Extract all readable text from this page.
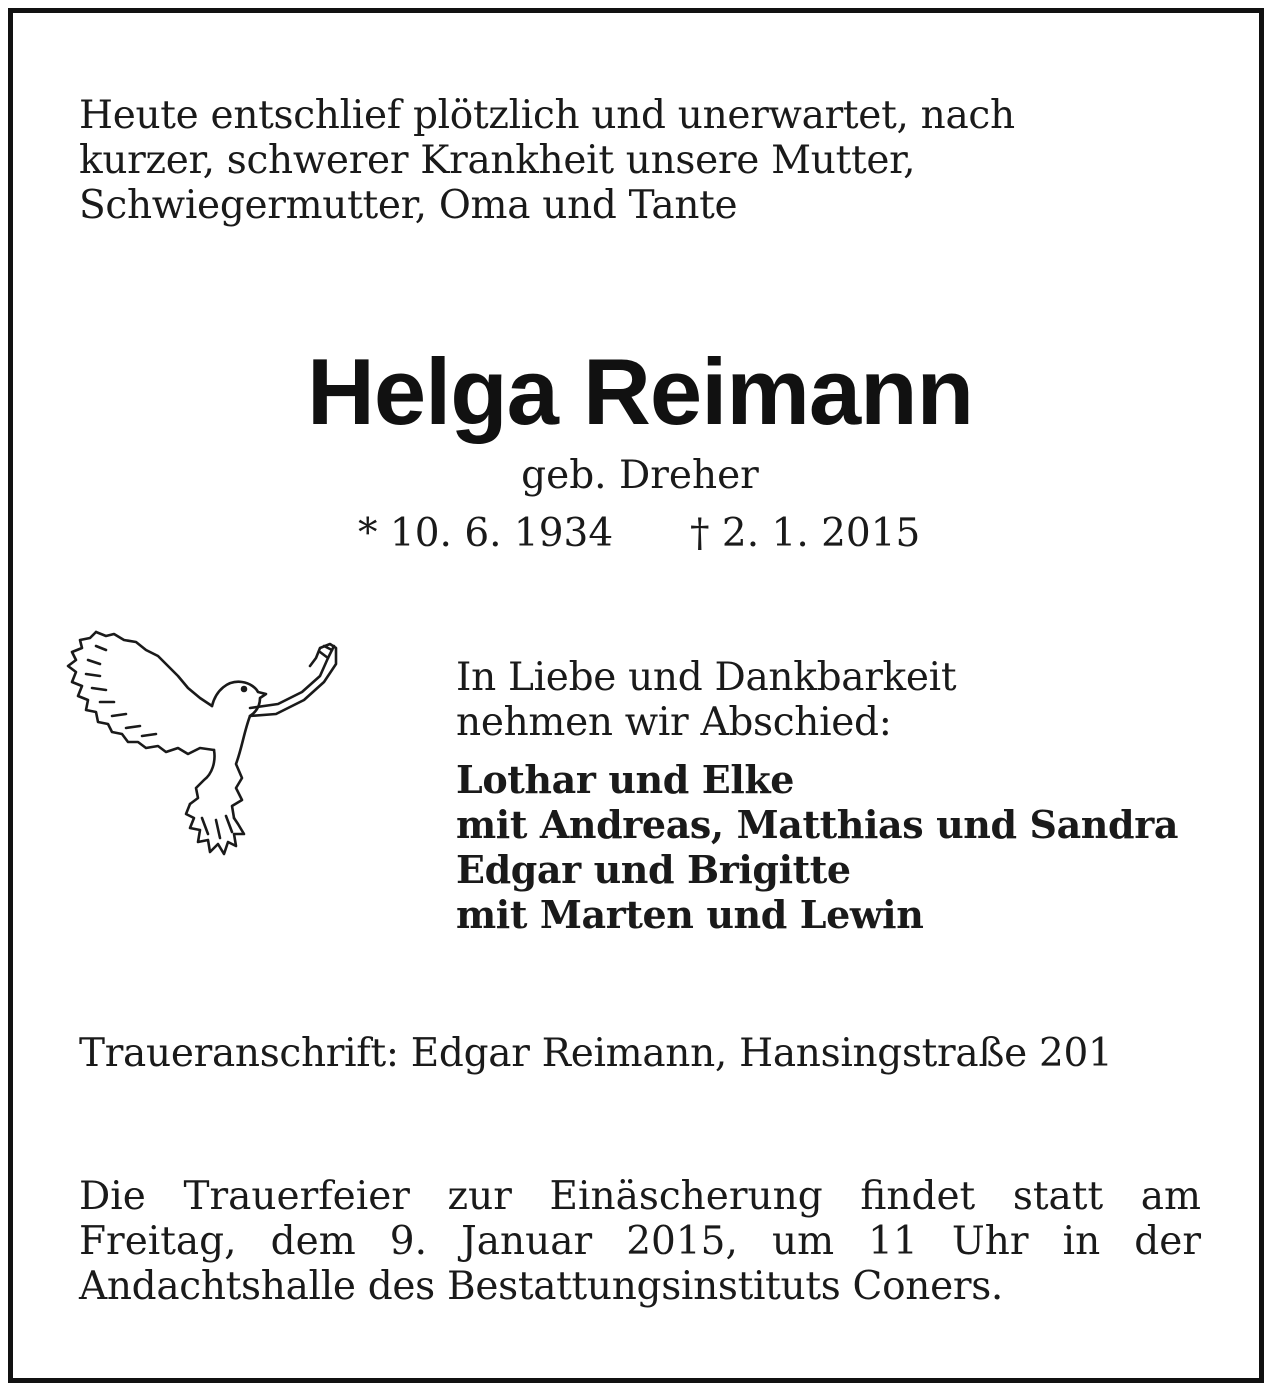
Heute entschlief plötzlich und unerwartet, nach
kurzer, schwerer Krankheit unsere Mutter,
Schwiegermutter, Oma und Tante
Helga Reimann
geb. Dreher
* 10. 6. 1934 † 2. 1. 2015
In Liebe und Dankbarkeit
nehmen wir Abschied:
Lothar und Elke
mit Andreas, Matthias und Sandra
Edgar und Brigitte
mit Marten und Lewin
Traueranschrift: Edgar Reimann, Hansingstraße 201
Die Trauerfeier zur Einäscherung findet statt am
Freitag, dem 9. Januar 2015, um 11 Uhr in der
Andachtshalle des Bestattungsinstituts Coners.
